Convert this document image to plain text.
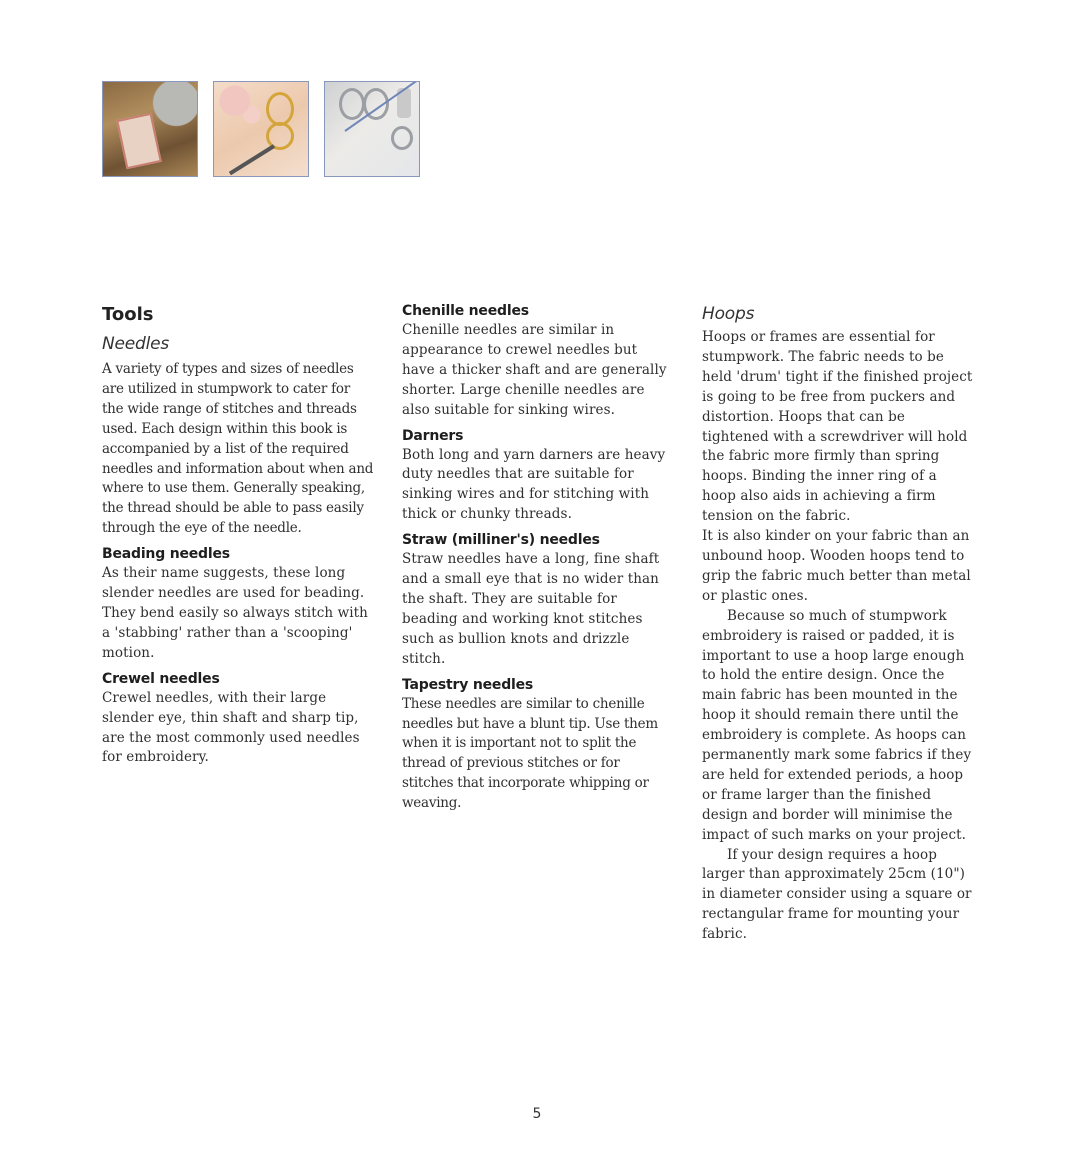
Tools
Needles

A variety of types and sizes of needles are utilized in stumpwork to cater for the wide range of stitches and threads used. Each design within this book is accompanied by a list of the required needles and information about when and where to use them. Generally speaking, the thread should be able to pass easily through the eye of the needle.

Beading needles

As their name suggests, these long slender needles are used for beading. They bend easily so always stitch with a 'stabbing' rather than a 'scooping' motion.

Crewel needles

Crewel needles, with their large slender eye, thin shaft and sharp tip, are the most commonly used needles for embroidery.

Chenille needles

Chenille needles are similar in appearance to crewel needles but have a thicker shaft and are generally shorter. Large chenille needles are also suitable for sinking wires.

Darners

Both long and yarn darners are heavy duty needles that are suitable for sinking wires and for stitching with thick or chunky threads.

Straw (milliner's) needles

Straw needles have a long, fine shaft and a small eye that is no wider than the shaft. They are suitable for beading and working knot stitches such as bullion knots and drizzle stitch.

Tapestry needles

These needles are similar to chenille needles but have a blunt tip. Use them when it is important not to split the thread of previous stitches or for stitches that incorporate whipping or weaving.

Hoops

Hoops or frames are essential for stumpwork. The fabric needs to be held 'drum' tight if the finished project is going to be free from puckers and distortion. Hoops that can be tightened with a screwdriver will hold the fabric more firmly than spring hoops. Binding the inner ring of a hoop also aids in achieving a firm tension on the fabric.

It is also kinder on your fabric than an unbound hoop. Wooden hoops tend to grip the fabric much better than metal or plastic ones.

Because so much of stumpwork embroidery is raised or padded, it is important to use a hoop large enough to hold the entire design. Once the main fabric has been mounted in the hoop it should remain there until the embroidery is complete. As hoops can permanently mark some fabrics if they are held for extended periods, a hoop or frame larger than the finished design and border will minimise the impact of such marks on your project.

If your design requires a hoop larger than approximately 25cm (10") in diameter consider using a square or rectangular frame for mounting your fabric.

5
